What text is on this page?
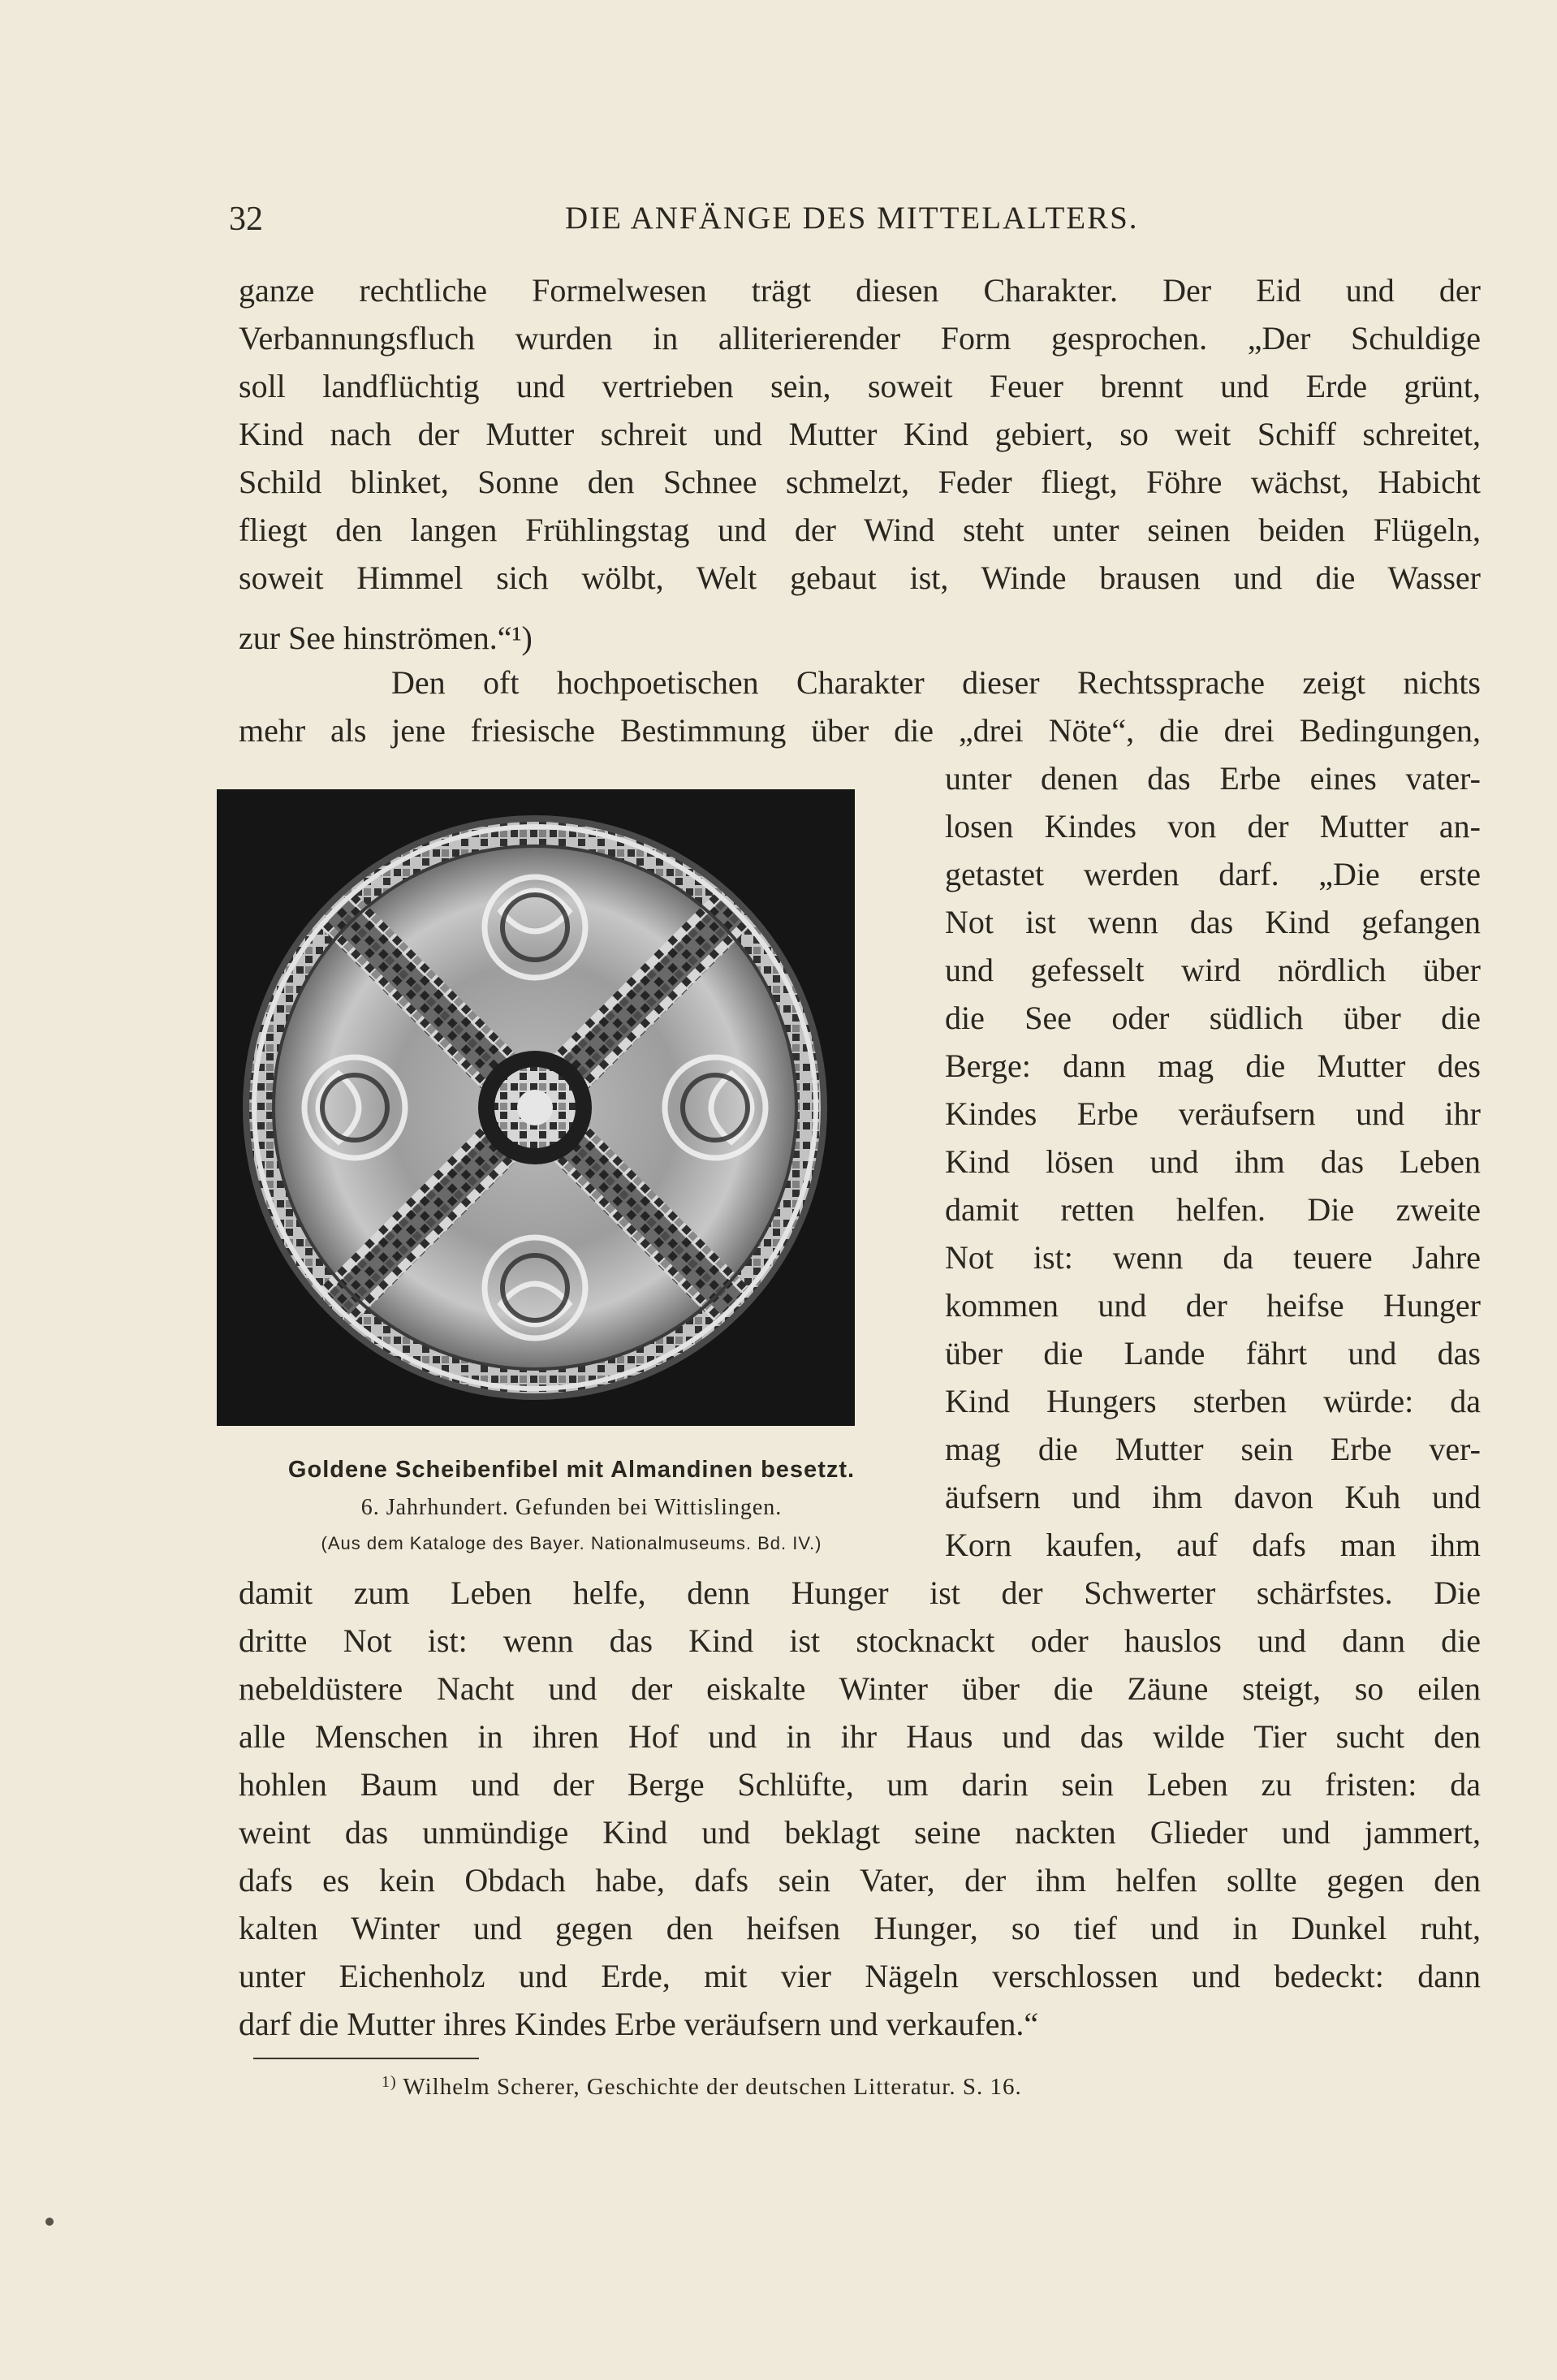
32	DIE ANFÄNGE DES MITTELALTERS.
ganze rechtliche Formelwesen trägt diesen Charakter. Der Eid und der
Verbannungsfluch wurden in alliterierender Form gesprochen. „Der Schuldige
soll landflüchtig und vertrieben sein, soweit Feuer brennt und Erde grünt,
Kind nach der Mutter schreit und Mutter Kind gebiert, so weit Schiff schreitet,
Schild blinket, Sonne den Schnee schmelzt, Feder fliegt, Föhre wächst, Habicht
fliegt den langen Frühlingstag und der Wind steht unter seinen beiden Flügeln,
soweit Himmel sich wölbt, Welt gebaut ist, Winde brausen und die Wasser
zur See hinströmen.“¹)
Den oft hochpoetischen Charakter dieser Rechtssprache zeigt nichts
mehr als jene friesische Bestimmung über die „drei Nöte“, die drei Bedingungen,
unter denen das Erbe eines vater-
losen Kindes von der Mutter an-
getastet werden darf. „Die erste
Not ist wenn das Kind gefangen
und gefesselt wird nördlich über
die See oder südlich über die
Berge: dann mag die Mutter des
Kindes Erbe veräufsern und ihr
Kind lösen und ihm das Leben
damit retten helfen. Die zweite
Not ist: wenn da teuere Jahre
kommen und der heifse Hunger
über die Lande fährt und das
Kind Hungers sterben würde: da
mag die Mutter sein Erbe ver-
äufsern und ihm davon Kuh und
Korn kaufen, auf dafs man ihm
damit zum Leben helfe, denn Hunger ist der Schwerter schärfstes. Die
dritte Not ist: wenn das Kind ist stocknackt oder hauslos und dann die
nebeldüstere Nacht und der eiskalte Winter über die Zäune steigt, so eilen
alle Menschen in ihren Hof und in ihr Haus und das wilde Tier sucht den
hohlen Baum und der Berge Schlüfte, um darin sein Leben zu fristen: da
weint das unmündige Kind und beklagt seine nackten Glieder und jammert,
dafs es kein Obdach habe, dafs sein Vater, der ihm helfen sollte gegen den
kalten Winter und gegen den heifsen Hunger, so tief und in Dunkel ruht,
unter Eichenholz und Erde, mit vier Nägeln verschlossen und bedeckt: dann
darf die Mutter ihres Kindes Erbe veräufsern und verkaufen.“
Goldene Scheibenfibel mit Almandinen besetzt.
6. Jahrhundert. Gefunden bei Wittislingen.
(Aus dem Kataloge des Bayer. Nationalmuseums. Bd. IV.)
$^{1)}$ Wilhelm Scherer, Geschichte der deutschen Litteratur. S. 16.
